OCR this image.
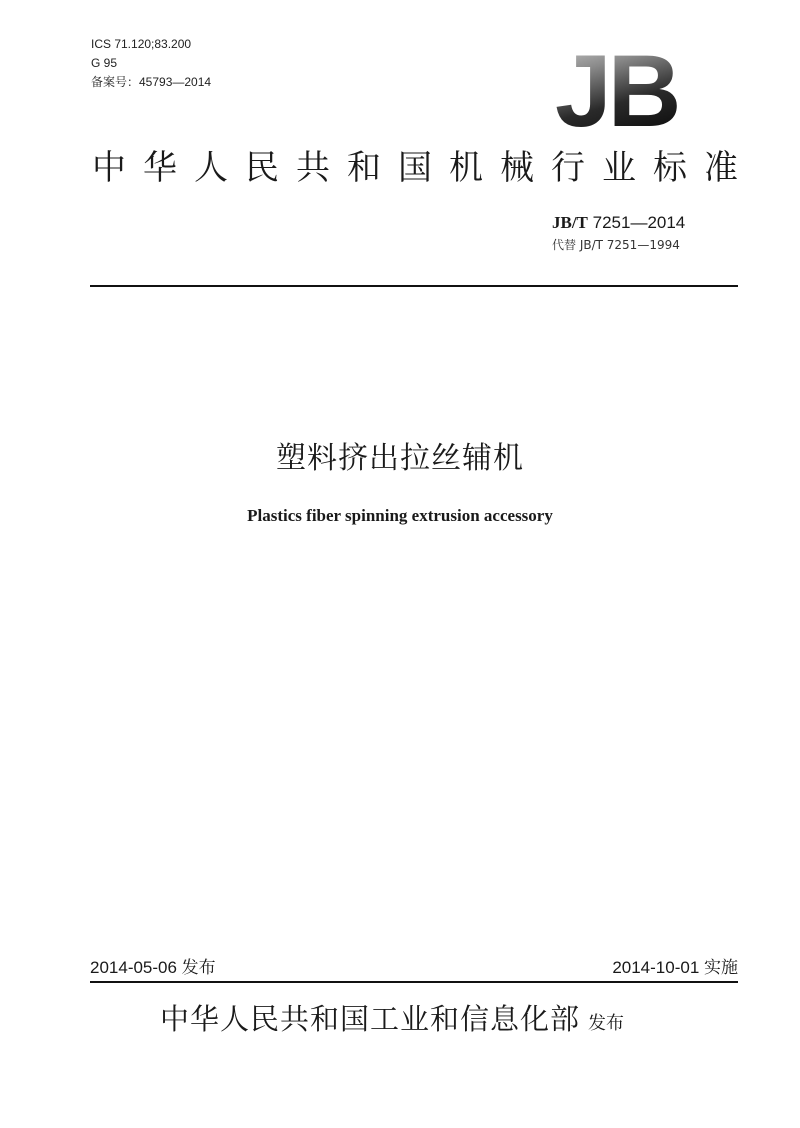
ICS 71.120;83.200
G 95
备案号：45793—2014	JB
中华人民共和国机械行业标准
JB/T 7251—2014
代替 JB/T 7251—1994
塑料挤出拉丝辅机
Plastics fiber spinning extrusion accessory
2014-05-06 发布	2014-10-01 实施
中华人民共和国工业和信息化部 发布
